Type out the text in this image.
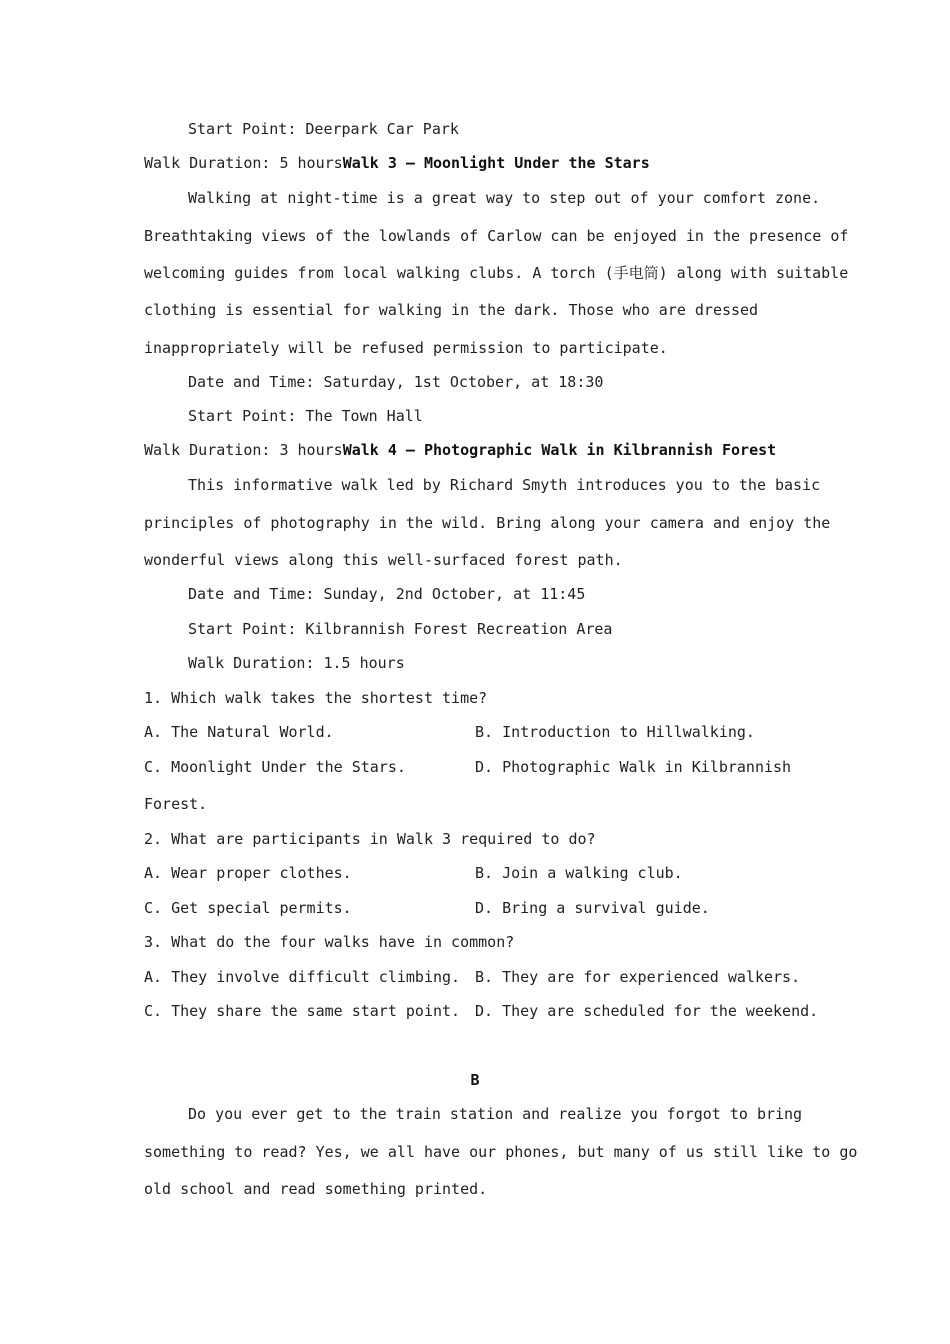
Start Point: Deerpark Car Park
Walk Duration: 5 hoursWalk 3 — Moonlight Under the Stars
Walking at night-time is a great way to step out of your comfort zone.
Breathtaking views of the lowlands of Carlow can be enjoyed in the presence of
welcoming guides from local walking clubs. A torch (手电筒) along with suitable
clothing is essential for walking in the dark. Those who are dressed
inappropriately will be refused permission to participate.
Date and Time: Saturday, 1st October, at 18:30
Start Point: The Town Hall
Walk Duration: 3 hoursWalk 4 — Photographic Walk in Kilbrannish Forest
This informative walk led by Richard Smyth introduces you to the basic
principles of photography in the wild. Bring along your camera and enjoy the
wonderful views along this well-surfaced forest path.
Date and Time: Sunday, 2nd October, at 11:45
Start Point: Kilbrannish Forest Recreation Area
Walk Duration: 1.5 hours
1. Which walk takes the shortest time?
A. The Natural World.	B. Introduction to Hillwalking.
C. Moonlight Under the Stars.	D. Photographic Walk in Kilbrannish
Forest.
2. What are participants in Walk 3 required to do?
A. Wear proper clothes.	B. Join a walking club.
C. Get special permits.	D. Bring a survival guide.
3. What do the four walks have in common?
A. They involve difficult climbing. B. They are for experienced walkers.
C. They share the same start point. D. They are scheduled for the weekend.
B
Do you ever get to the train station and realize you forgot to bring
something to read? Yes, we all have our phones, but many of us still like to go
old school and read something printed.
